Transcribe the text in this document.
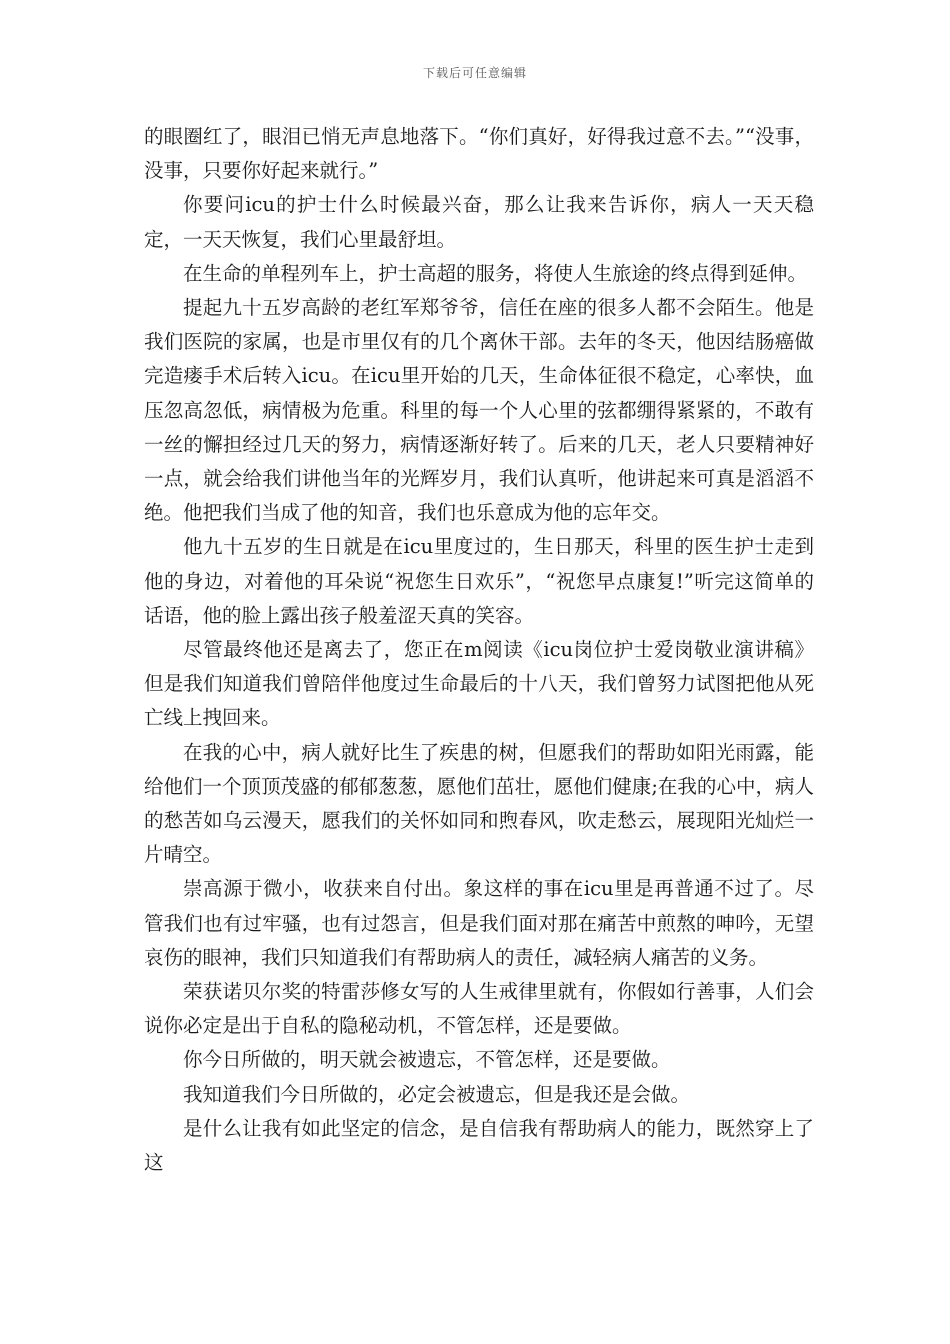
下载后可任意编辑

的眼圈红了，眼泪已悄无声息地落下。“你们真好，好得我过意不去。”“没事，没事，只要你好起来就行。”

你要问icu的护士什么时候最兴奋，那么让我来告诉你，病人一天天稳定，一天天恢复，我们心里最舒坦。

在生命的单程列车上，护士高超的服务，将使人生旅途的终点得到延伸。

提起九十五岁高龄的老红军郑爷爷，信任在座的很多人都不会陌生。他是我们医院的家属，也是市里仅有的几个离休干部。去年的冬天，他因结肠癌做完造瘘手术后转入icu。在icu里开始的几天，生命体征很不稳定，心率快，血压忽高忽低，病情极为危重。科里的每一个人心里的弦都绷得紧紧的，不敢有一丝的懈担经过几天的努力，病情逐渐好转了。后来的几天，老人只要精神好一点，就会给我们讲他当年的光辉岁月，我们认真听，他讲起来可真是滔滔不绝。他把我们当成了他的知音，我们也乐意成为他的忘年交。

他九十五岁的生日就是在icu里度过的，生日那天，科里的医生护士走到他的身边，对着他的耳朵说“祝您生日欢乐”，“祝您早点康复!”听完这简单的话语，他的脸上露出孩子般羞涩天真的笑容。

尽管最终他还是离去了，您正在m阅读《icu岗位护士爱岗敬业演讲稿》但是我们知道我们曾陪伴他度过生命最后的十八天，我们曾努力试图把他从死亡线上拽回来。

在我的心中，病人就好比生了疾患的树，但愿我们的帮助如阳光雨露，能给他们一个顶顶茂盛的郁郁葱葱，愿他们茁壮，愿他们健康;在我的心中，病人的愁苦如乌云漫天，愿我们的关怀如同和煦春风，吹走愁云，展现阳光灿烂一片晴空。

崇高源于微小，收获来自付出。象这样的事在icu里是再普通不过了。尽管我们也有过牢骚，也有过怨言，但是我们面对那在痛苦中煎熬的呻吟，无望哀伤的眼神，我们只知道我们有帮助病人的责任，减轻病人痛苦的义务。

荣获诺贝尔奖的特雷莎修女写的人生戒律里就有，你假如行善事，人们会说你必定是出于自私的隐秘动机，不管怎样，还是要做。

你今日所做的，明天就会被遗忘，不管怎样，还是要做。

我知道我们今日所做的，必定会被遗忘，但是我还是会做。

是什么让我有如此坚定的信念，是自信我有帮助病人的能力，既然穿上了这
